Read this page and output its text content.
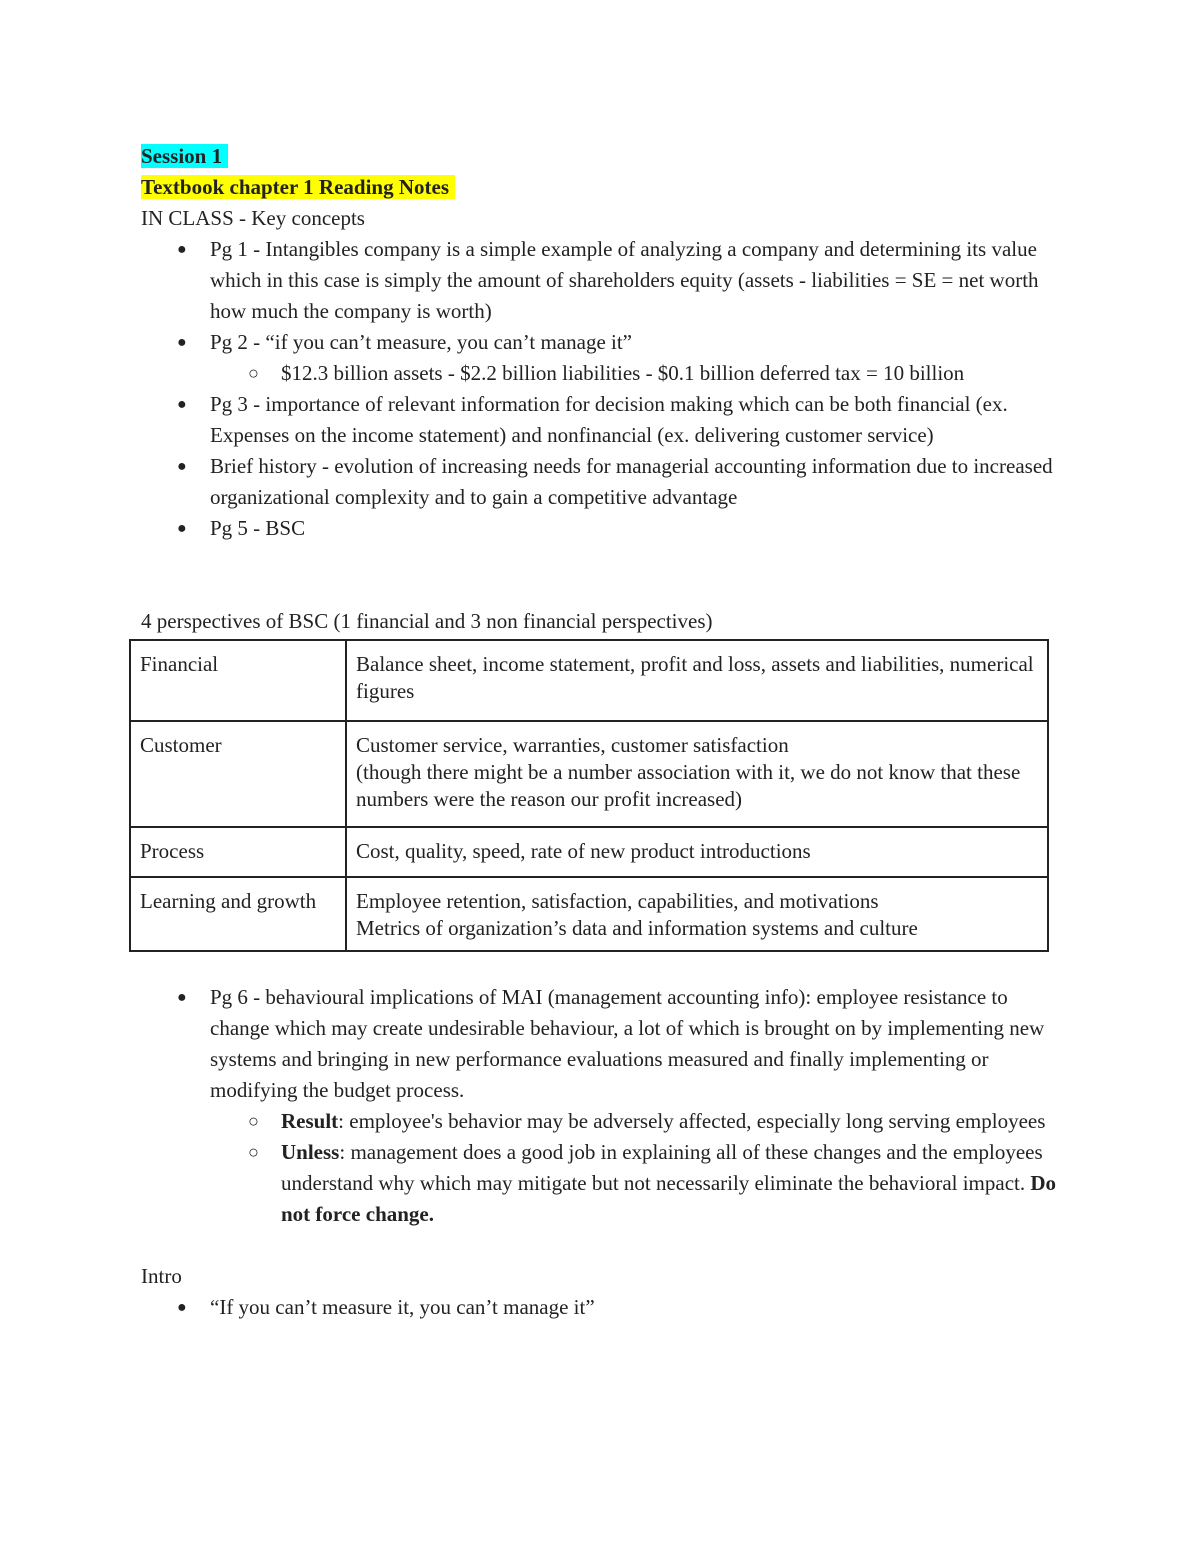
Session 1
Textbook chapter 1 Reading Notes
IN CLASS - Key concepts
● Pg 1 - Intangibles company is a simple example of analyzing a company and determining its value which in this case is simply the amount of shareholders equity (assets - liabilities = SE = net worth how much the company is worth)
● Pg 2 - “if you can’t measure, you can’t manage it”
○ $12.3 billion assets - $2.2 billion liabilities - $0.1 billion deferred tax = 10 billion
● Pg 3 - importance of relevant information for decision making which can be both financial (ex. Expenses on the income statement) and nonfinancial (ex. delivering customer service)
● Brief history - evolution of increasing needs for managerial accounting information due to increased organizational complexity and to gain a competitive advantage
● Pg 5 - BSC
4 perspectives of BSC (1 financial and 3 non financial perspectives)
Financial	Balance sheet, income statement, profit and loss, assets and liabilities, numerical figures

Customer	Customer service, warranties, customer satisfaction
(though there might be a number association with it, we do not know that these numbers were the reason our profit increased)

Process	Cost, quality, speed, rate of new product introductions

Learning and growth	Employee retention, satisfaction, capabilities, and motivations
Metrics of organization’s data and information systems and culture
● Pg 6 - behavioural implications of MAI (management accounting info): employee resistance to change which may create undesirable behaviour, a lot of which is brought on by implementing new systems and bringing in new performance evaluations measured and finally implementing or modifying the budget process.
○ Result: employee's behavior may be adversely affected, especially long serving employees
○ Unless: management does a good job in explaining all of these changes and the employees understand why which may mitigate but not necessarily eliminate the behavioral impact. Do not force change.
Intro
● “If you can’t measure it, you can’t manage it”
